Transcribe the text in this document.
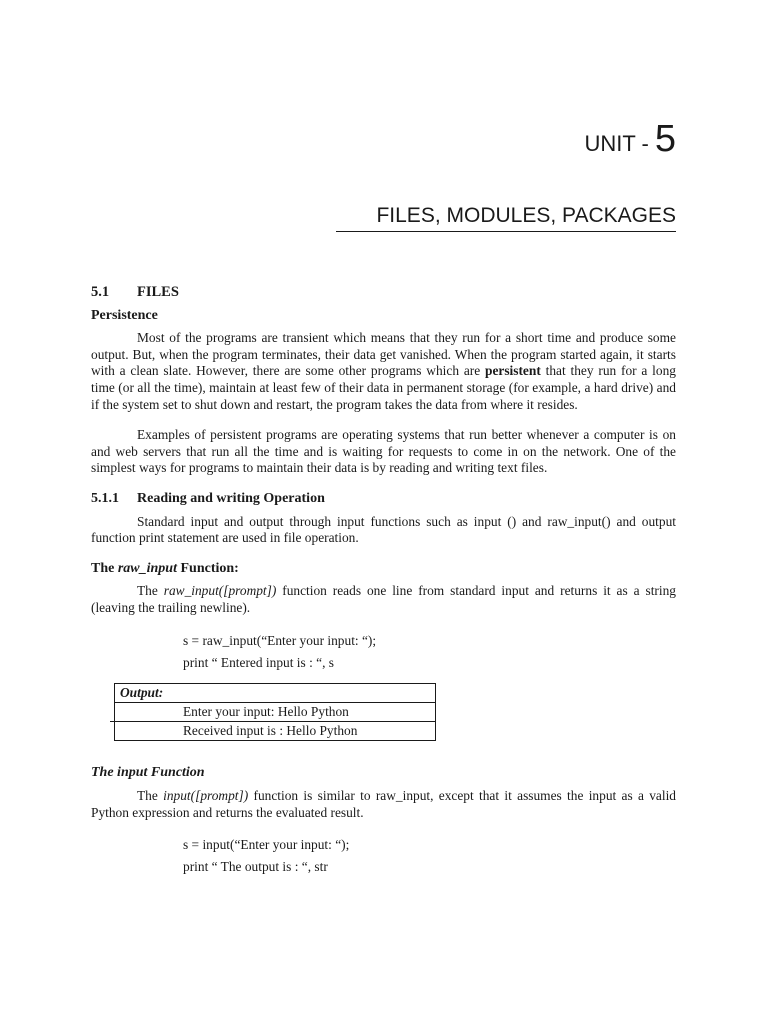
UNIT - 5
FILES, MODULES, PACKAGES
5.1 FILES
Persistence

Most of the programs are transient which means that they run for a short time and produce some output. But, when the program terminates, their data get vanished. When the program started again, it starts with a clean slate. However, there are some other programs which are persistent that they run for a long time (or all the time), maintain at least few of their data in permanent storage (for example, a hard drive) and if the system set to shut down and restart, the program takes the data from where it resides.

Examples of persistent programs are operating systems that run better whenever a computer is on and web servers that run all the time and is waiting for requests to come in on the network. One of the simplest ways for programs to maintain their data is by reading and writing text files.

5.1.1 Reading and writing Operation

Standard input and output through input functions such as input () and raw_input() and output function print statement are used in file operation.

The raw_input Function:

The raw_input([prompt]) function reads one line from standard input and returns it as a string (leaving the trailing newline).

s = raw_input(“Enter your input: “);
print “ Entered input is : “, s
Output:

Enter your input: Hello Python
Received input is : Hello Python
The input Function

The input([prompt]) function is similar to raw_input, except that it assumes the input as a valid Python expression and returns the evaluated result.

s = input(“Enter your input: “);
print “ The output is : “, str
